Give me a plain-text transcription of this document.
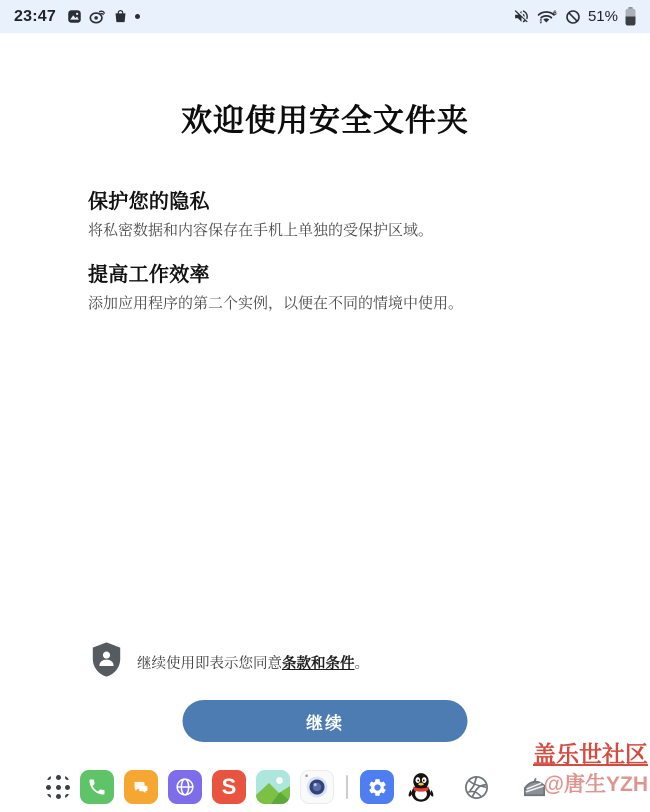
23:47	6 51%
欢迎使用安全文件夹
保护您的隐私

将私密数据和内容保存在手机上单独的受保护区域。

提高工作效率

添加应用程序的第二个实例，以便在不同的情境中使用。

继续使用即表示您同意条款和条件。
继续
S
盖乐世社区
@唐生YZH
